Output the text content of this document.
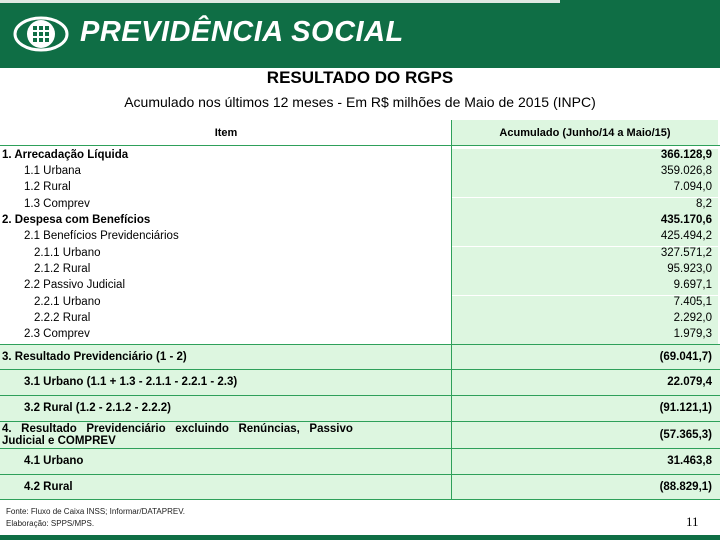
PREVIDÊNCIA SOCIAL
RESULTADO DO RGPS
Acumulado nos últimos 12 meses - Em R$ milhões de Maio de 2015 (INPC)
Item	Acumulado (Junho/14 a Maio/15)
1. Arrecadação Líquida	366.128,9
1.1 Urbana	359.026,8
1.2 Rural	7.094,0
1.3 Comprev	8,2
2. Despesa com Benefícios	435.170,6
2.1 Benefícios Previdenciários	425.494,2
2.1.1 Urbano	327.571,2
2.1.2 Rural	95.923,0
2.2 Passivo Judicial	9.697,1
2.2.1 Urbano	7.405,1
2.2.2 Rural	2.292,0
2.3 Comprev	1.979,3
3. Resultado Previdenciário (1 - 2)	(69.041,7)
3.1 Urbano (1.1 + 1.3 - 2.1.1 - 2.2.1 - 2.3)	22.079,4
3.2 Rural (1.2 - 2.1.2 - 2.2.2)	(91.121,1)
4.   Resultado   Previdenciário   excluindo   Renúncias,   Passivo
Judicial e COMPREV	(57.365,3)
4.1 Urbano	31.463,8
4.2 Rural	(88.829,1)
Fonte: Fluxo de Caixa INSS; Informar/DATAPREV.
Elaboração: SPPS/MPS.	11
